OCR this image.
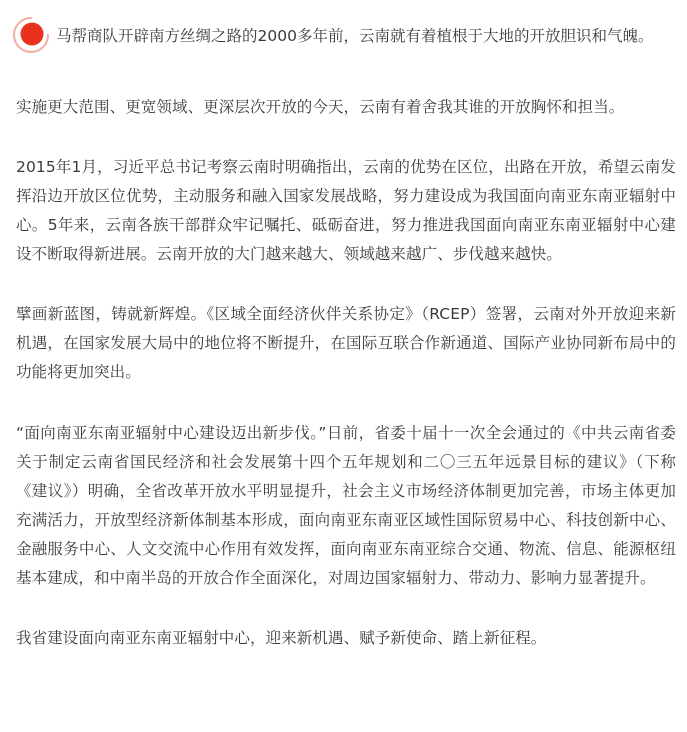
马帮商队开辟南方丝绸之路的2000多年前，云南就有着植根于大地的开放胆识和气魄。

实施更大范围、更宽领域、更深层次开放的今天，云南有着舍我其谁的开放胸怀和担当。

2015年1月，习近平总书记考察云南时明确指出，云南的优势在区位，出路在开放，希望云南发挥沿边开放区位优势，主动服务和融入国家发展战略，努力建设成为我国面向南亚东南亚辐射中心。5年来，云南各族干部群众牢记嘱托、砥砺奋进，努力推进我国面向南亚东南亚辐射中心建设不断取得新进展。云南开放的大门越来越大、领域越来越广、步伐越来越快。

擘画新蓝图，铸就新辉煌。《区域全面经济伙伴关系协定》（RCEP）签署，云南对外开放迎来新机遇，在国家发展大局中的地位将不断提升，在国际互联合作新通道、国际产业协同新布局中的功能将更加突出。

“面向南亚东南亚辐射中心建设迈出新步伐。”日前，省委十届十一次全会通过的《中共云南省委关于制定云南省国民经济和社会发展第十四个五年规划和二〇三五年远景目标的建议》（下称《建议》）明确，全省改革开放水平明显提升，社会主义市场经济体制更加完善，市场主体更加充满活力，开放型经济新体制基本形成，面向南亚东南亚区域性国际贸易中心、科技创新中心、金融服务中心、人文交流中心作用有效发挥，面向南亚东南亚综合交通、物流、信息、能源枢纽基本建成，和中南半岛的开放合作全面深化，对周边国家辐射力、带动力、影响力显著提升。

我省建设面向南亚东南亚辐射中心，迎来新机遇、赋予新使命、踏上新征程。
